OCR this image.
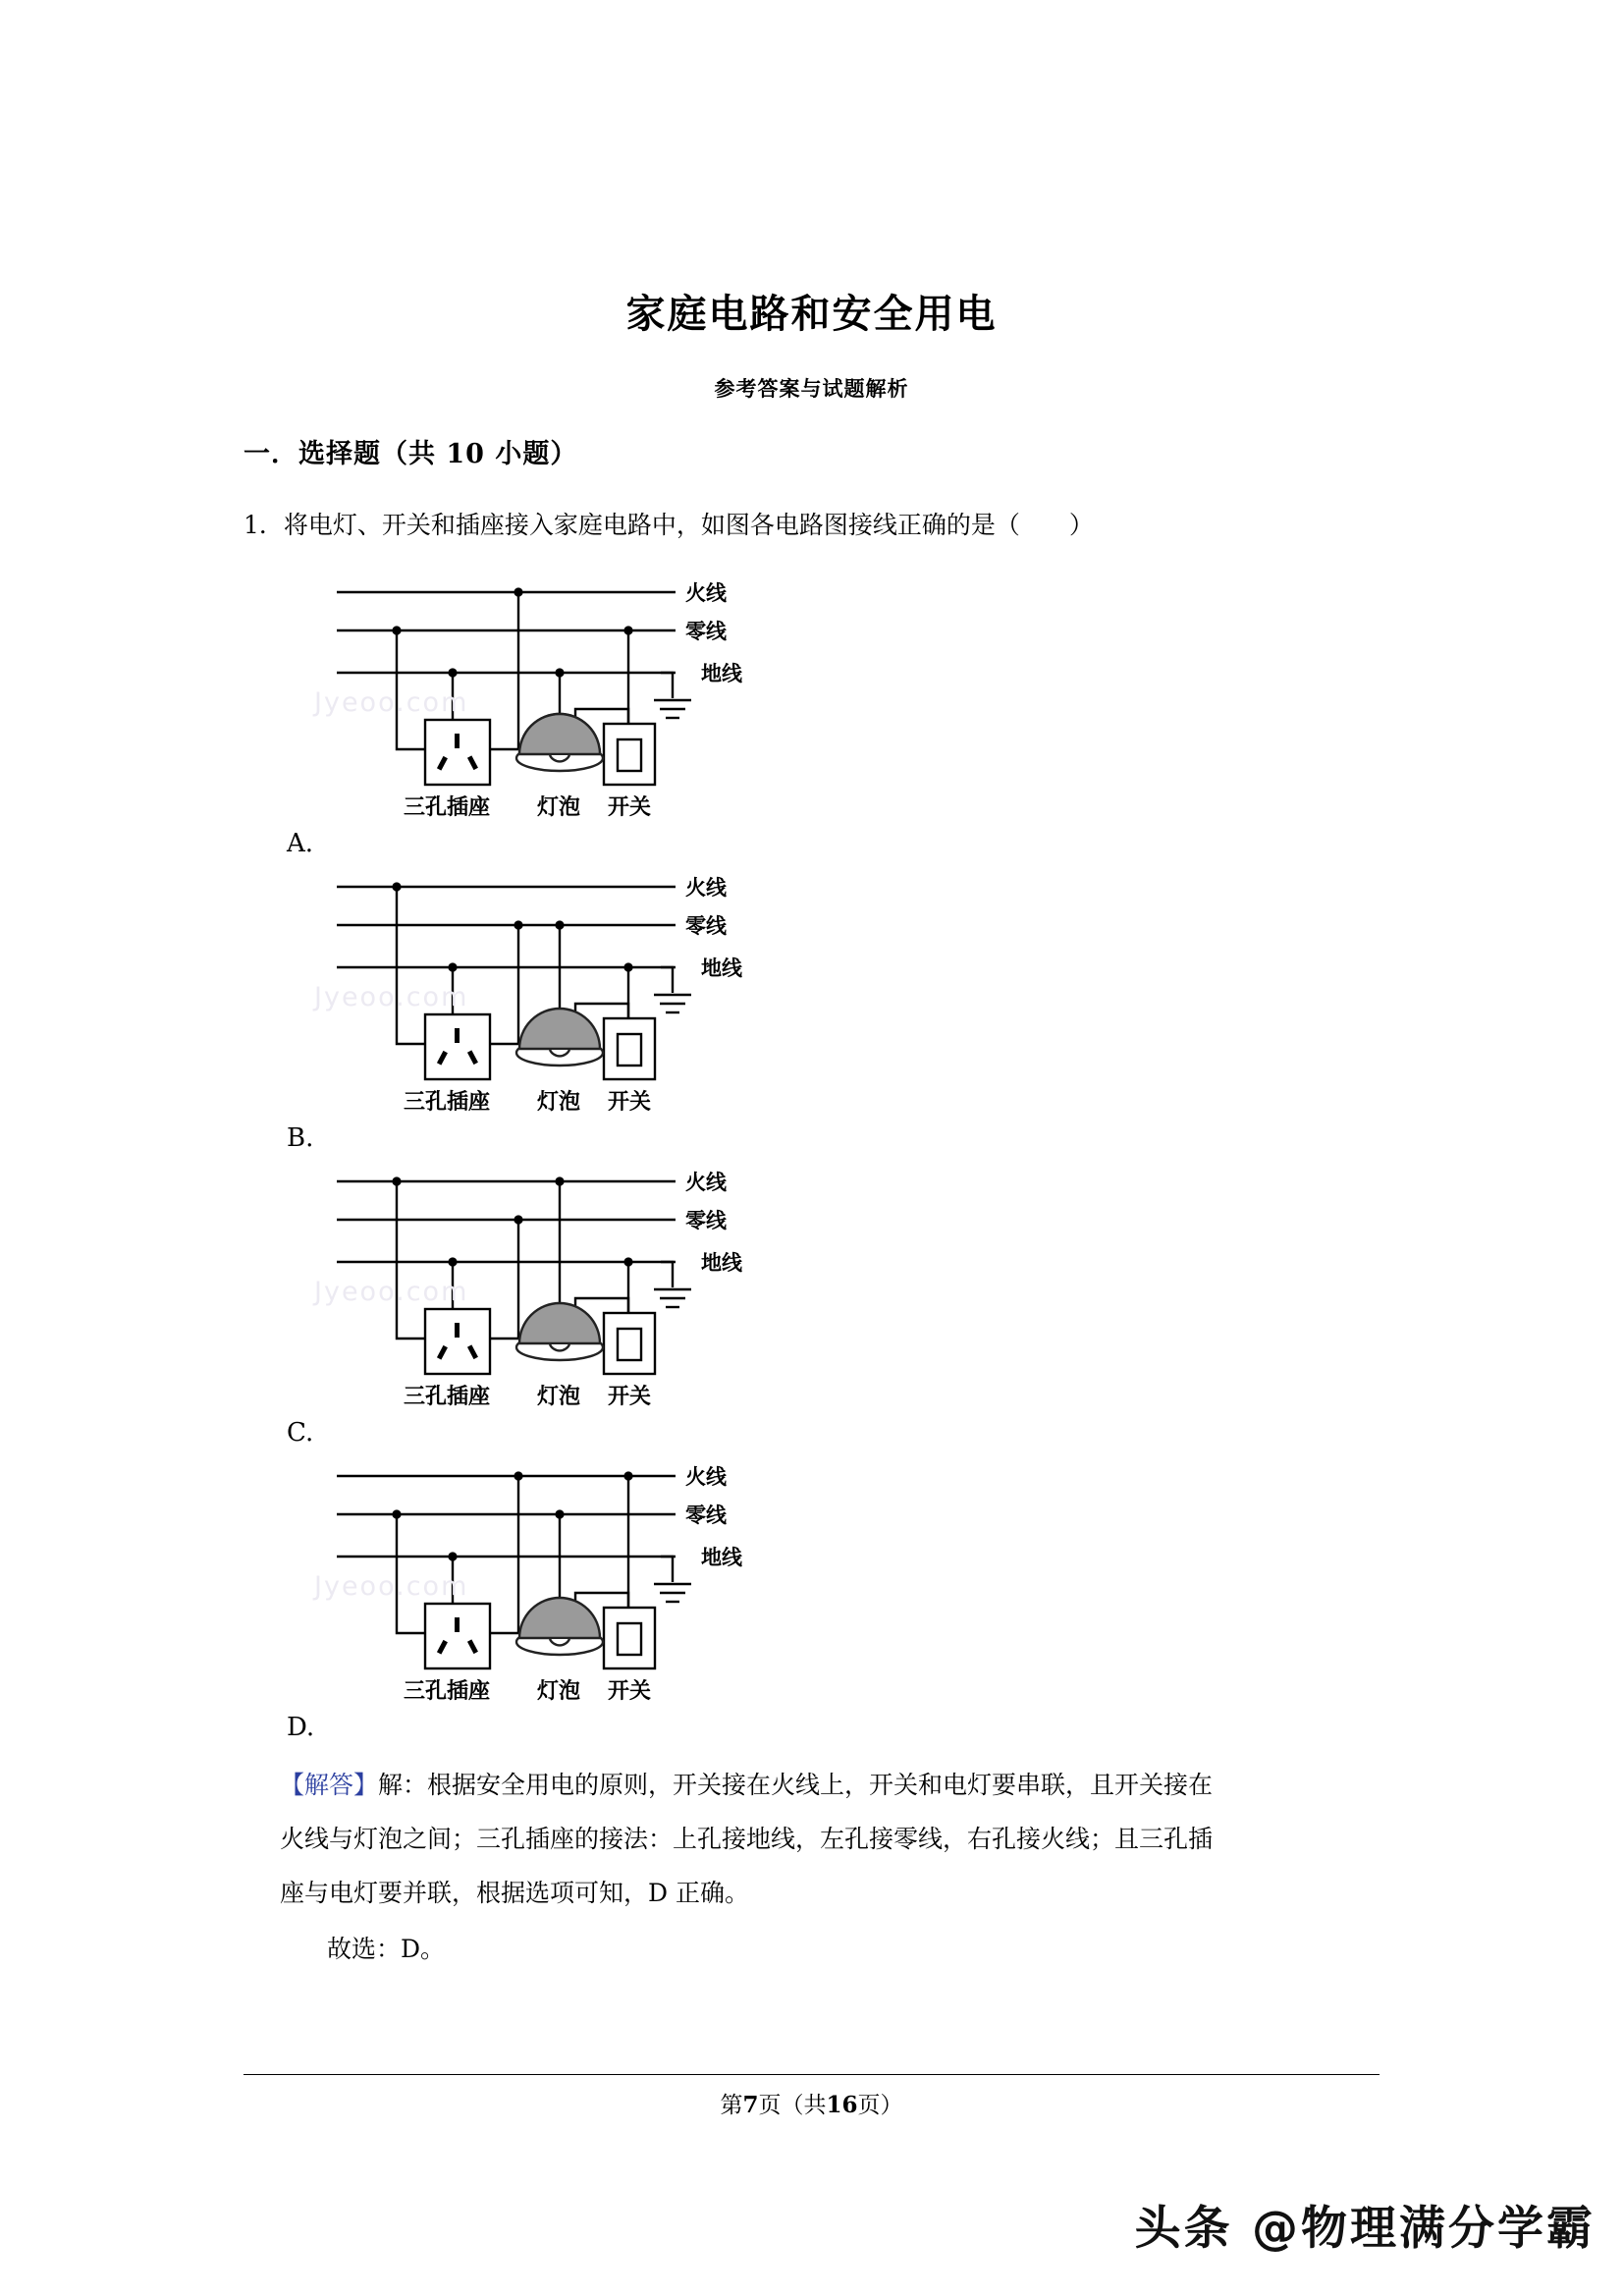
家庭电路和安全用电
参考答案与试题解析
一．选择题（共 10 小题）
1．将电灯、开关和插座接入家庭电路中，如图各电路图接线正确的是（　　）
火线
零线
地线
三孔插座 灯泡 开关
A.
火线
零线
地线
三孔插座 灯泡 开关
B.
火线
零线
地线
三孔插座 灯泡 开关
C.
火线
零线
地线
三孔插座 灯泡 开关
D.
Jyeoo.com
Jyeoo.com
Jyeoo.com
Jyeoo.com
【解答】解：根据安全用电的原则，开关接在火线上，开关和电灯要串联，且开关接在
火线与灯泡之间；三孔插座的接法：上孔接地线，左孔接零线，右孔接火线；且三孔插
座与电灯要并联，根据选项可知，D 正确。
故选：D。
第7页（共16页）
头条 @物理满分学霸
